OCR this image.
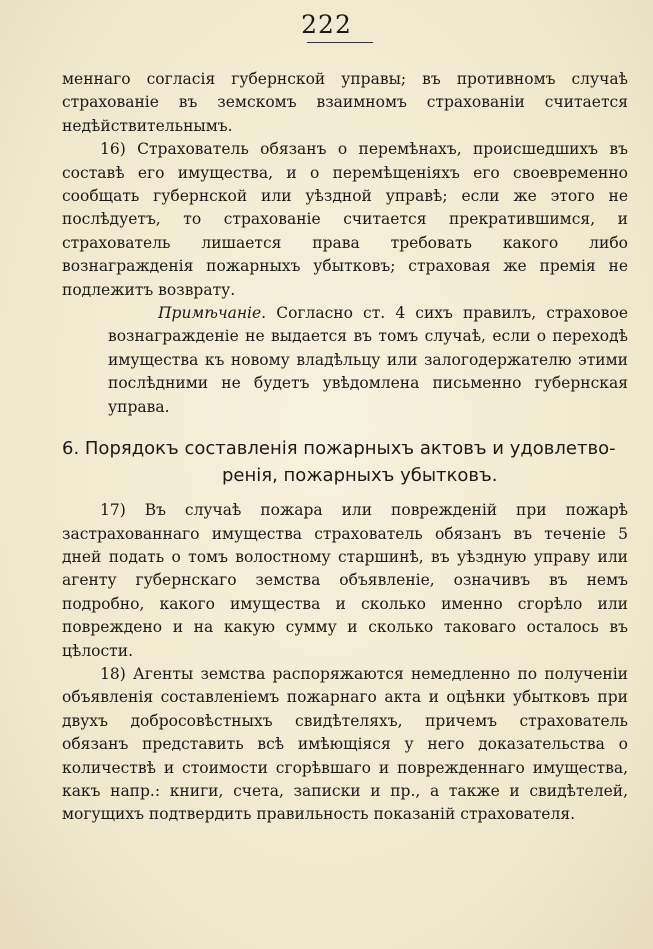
222

меннаго согласія губернской управы; въ противномъ случаѣ страхованіе въ земскомъ взаимномъ страхованіи считается недѣйствительнымъ.

16) Страхователь обязанъ о перемѣнахъ, происшедшихъ въ составѣ его имущества, и о перемѣщеніяхъ его своевременно сообщать губернской или уѣздной управѣ; если же этого не послѣдуетъ, то страхованіе считается прекратившимся, и страхователь лишается права требовать какого либо вознагражденія пожарныхъ убытковъ; страховая же премія не подлежитъ возврату.

Примѣчаніе. Согласно ст. 4 сихъ правилъ, страховое вознагражденіе не выдается въ томъ случаѣ, если о переходѣ имущества къ новому владѣльцу или залогодержателю этими послѣдними не будетъ увѣдомлена письменно губернская управа.

6. Порядокъ составленія пожарныхъ актовъ и удовлетво-
ренія, пожарныхъ убытковъ.

17) Въ случаѣ пожара или поврежденій при пожарѣ застрахованнаго имущества страхователь обязанъ въ теченіе 5 дней подать о томъ волостному старшинѣ, въ уѣздную управу или агенту губернскаго земства объявленіе, означивъ въ немъ подробно, какого имущества и сколько именно сгорѣло или повреждено и на какую сумму и сколько таковаго осталось въ цѣлости.

18) Агенты земства распоряжаются немедленно по полученіи объявленія составленіемъ пожарнаго акта и оцѣнки убытковъ при двухъ добросовѣстныхъ свидѣтеляхъ, причемъ страхователь обязанъ представить всѣ имѣющіяся у него доказательства о количествѣ и стоимости сгорѣвшаго и поврежденнаго имущества, какъ напр.: книги, счета, записки и пр., а также и свидѣтелей, могущихъ подтвердить правильность показаній страхователя.
